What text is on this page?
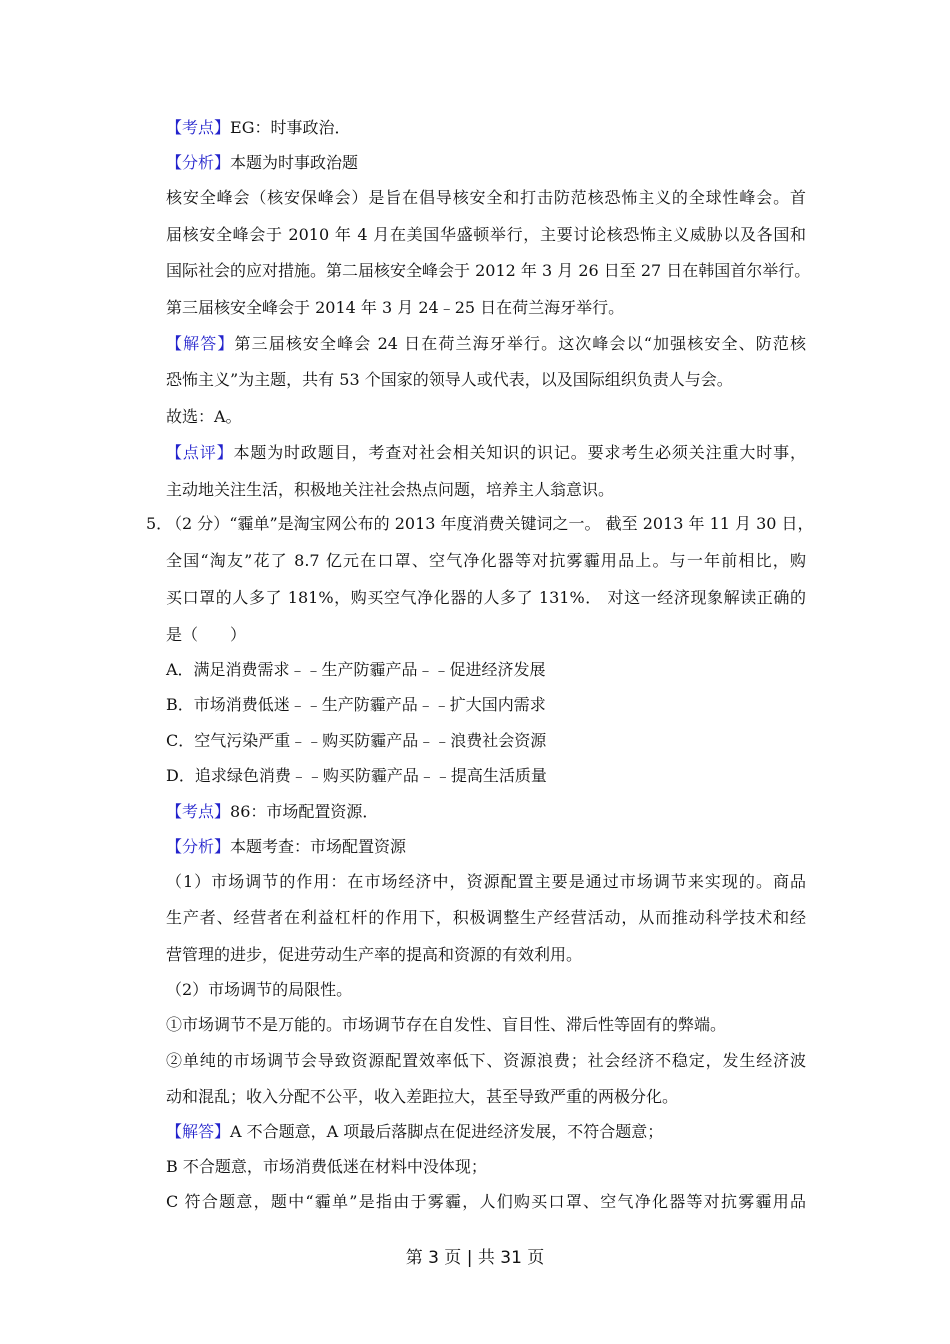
【考点】EG：时事政治．
【分析】本题为时事政治题
核安全峰会（核安保峰会）是旨在倡导核安全和打击防范核恐怖主义的全球性峰会。首
届核安全峰会于 2010 年 4 月在美国华盛顿举行，主要讨论核恐怖主义威胁以及各国和
国际社会的应对措施。第二届核安全峰会于 2012 年 3 月 26 日至 27 日在韩国首尔举行。
第三届核安全峰会于 2014 年 3 月 24﹣25 日在荷兰海牙举行。
【解答】第三届核安全峰会 24 日在荷兰海牙举行。这次峰会以“加强核安全、防范核
恐怖主义”为主题，共有 53 个国家的领导人或代表，以及国际组织负责人与会。
故选：A。
【点评】本题为时政题目，考查对社会相关知识的识记。要求考生必须关注重大时事，
主动地关注生活，积极地关注社会热点问题，培养主人翁意识。
5．
（2 分）“霾单”是淘宝网公布的 2013 年度消费关键词之一。 截至 2013 年 11 月 30 日，
全国“淘友”花了 8.7 亿元在口罩、空气净化器等对抗雾霾用品上。与一年前相比，购
买口罩的人多了 181%，购买空气净化器的人多了 131%． 对这一经济现象解读正确的
是（　　）
A．满足消费需求﹣﹣生产防霾产品﹣﹣促进经济发展
B．市场消费低迷﹣﹣生产防霾产品﹣﹣扩大国内需求
C．空气污染严重﹣﹣购买防霾产品﹣﹣浪费社会资源
D．追求绿色消费﹣﹣购买防霾产品﹣﹣提高生活质量
【考点】86：市场配置资源．
【分析】本题考查：市场配置资源
（1）市场调节的作用：在市场经济中，资源配置主要是通过市场调节来实现的。商品
生产者、经营者在利益杠杆的作用下，积极调整生产经营活动，从而推动科学技术和经
营管理的进步，促进劳动生产率的提高和资源的有效利用。
（2）市场调节的局限性。
①市场调节不是万能的。市场调节存在自发性、盲目性、滞后性等固有的弊端。
②单纯的市场调节会导致资源配置效率低下、资源浪费；社会经济不稳定，发生经济波
动和混乱；收入分配不公平，收入差距拉大，甚至导致严重的两极分化。
【解答】A 不合题意，A 项最后落脚点在促进经济发展，不符合题意；
B 不合题意，市场消费低迷在材料中没体现；
C 符合题意，题中“霾单”是指由于雾霾，人们购买口罩、空气净化器等对抗雾霾用品
第 3 页 | 共 31 页
